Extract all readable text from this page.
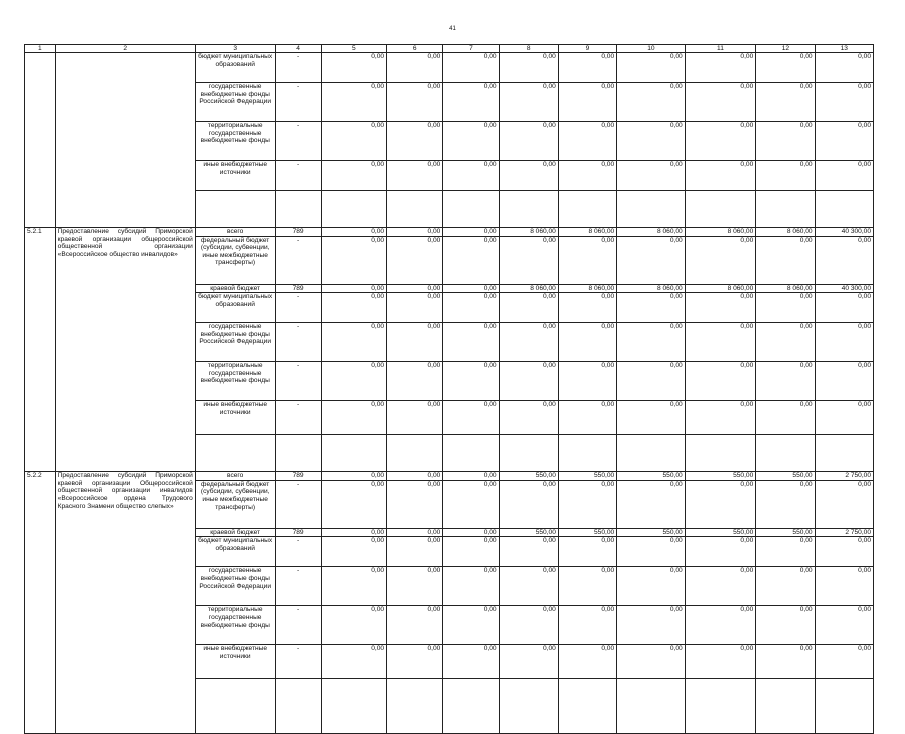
41
1	2	3	4	5	6	7	8	9	10	11	12	13
		бюджет муниципальных образований	-	0,00	0,00	0,00	0,00	0,00	0,00	0,00	0,00	0,00
		государственные внебюджетные фонды Российской Федерации	-	0,00	0,00	0,00	0,00	0,00	0,00	0,00	0,00	0,00
		территориальные государственные внебюджетные фонды	-	0,00	0,00	0,00	0,00	0,00	0,00	0,00	0,00	0,00
		иные внебюджетные источники	-	0,00	0,00	0,00	0,00	0,00	0,00	0,00	0,00	0,00

5.2.1	Предоставление субсидий Приморской краевой организации общероссийской общественной организации «Всероссийское общество инвалидов»	всего	789	0,00	0,00	0,00	8 060,00	8 060,00	8 060,00	8 060,00	8 060,00	40 300,00
		федеральный бюджет (субсидии, субвенции, иные межбюджетные трансферты)	-	0,00	0,00	0,00	0,00	0,00	0,00	0,00	0,00	0,00
		краевой бюджет	789	0,00	0,00	0,00	8 060,00	8 060,00	8 060,00	8 060,00	8 060,00	40 300,00
		бюджет муниципальных образований	-	0,00	0,00	0,00	0,00	0,00	0,00	0,00	0,00	0,00
		государственные внебюджетные фонды Российской Федерации	-	0,00	0,00	0,00	0,00	0,00	0,00	0,00	0,00	0,00
		территориальные государственные внебюджетные фонды	-	0,00	0,00	0,00	0,00	0,00	0,00	0,00	0,00	0,00
		иные внебюджетные источники	-	0,00	0,00	0,00	0,00	0,00	0,00	0,00	0,00	0,00

5.2.2	Предоставление субсидий Приморской краевой организации Общероссийской общественной организации инвалидов «Всероссийское ордена Трудового Красного Знамени общество слепых»	всего	789	0,00	0,00	0,00	550,00	550,00	550,00	550,00	550,00	2 750,00
		федеральный бюджет (субсидии, субвенции, иные межбюджетные трансферты)	-	0,00	0,00	0,00	0,00	0,00	0,00	0,00	0,00	0,00
		краевой бюджет	789	0,00	0,00	0,00	550,00	550,00	550,00	550,00	550,00	2 750,00
		бюджет муниципальных образований	-	0,00	0,00	0,00	0,00	0,00	0,00	0,00	0,00	0,00
		государственные внебюджетные фонды Российской Федерации	-	0,00	0,00	0,00	0,00	0,00	0,00	0,00	0,00	0,00
		территориальные государственные внебюджетные фонды	-	0,00	0,00	0,00	0,00	0,00	0,00	0,00	0,00	0,00
		иные внебюджетные источники	-	0,00	0,00	0,00	0,00	0,00	0,00	0,00	0,00	0,00
